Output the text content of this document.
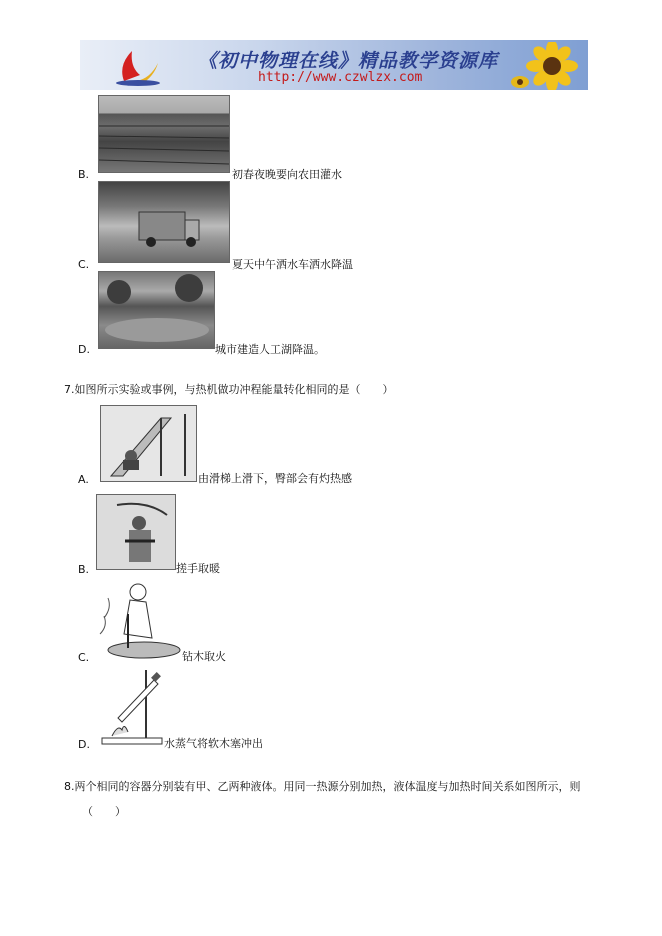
《初中物理在线》精品教学资源库
http://www.czwlzx.com
B.	初春夜晚要向农田灌水
C.	夏天中午洒水车洒水降温
D.	城市建造人工湖降温。
7.如图所示实验或事例，与热机做功冲程能量转化相同的是（　　）
A.	由滑梯上滑下，臀部会有灼热感
B.	搓手取暖
C.	钻木取火
D.	水蒸气将软木塞冲出
8.两个相同的容器分别装有甲、乙两种液体。用同一热源分别加热，液体温度与加热时间关系如图所示，则
（　　）
